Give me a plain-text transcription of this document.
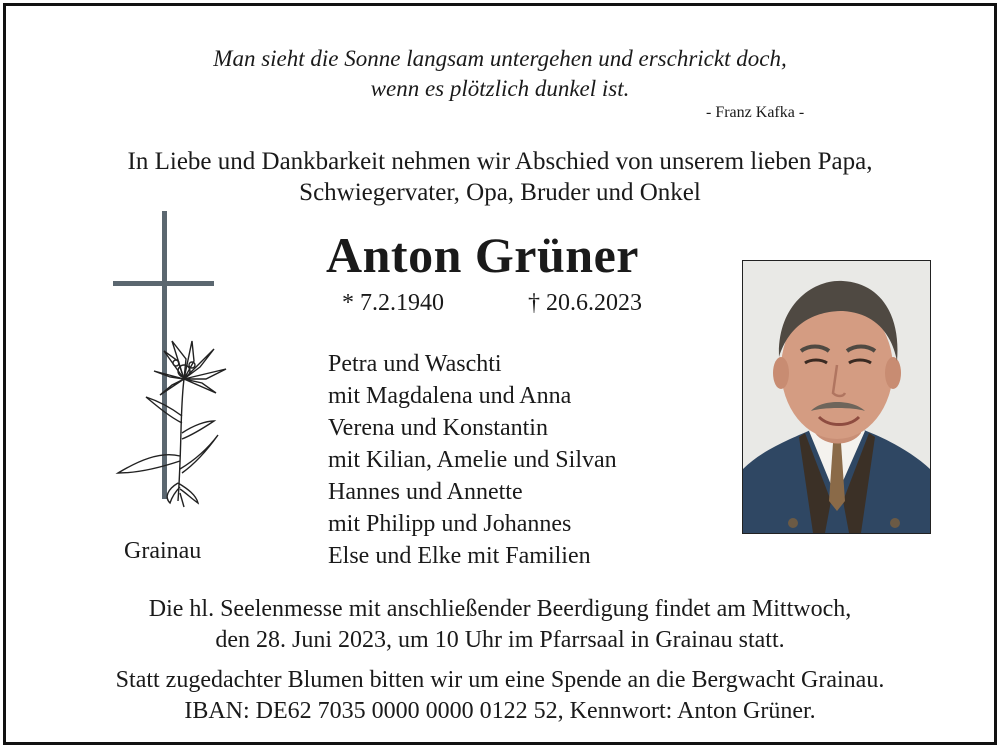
Man sieht die Sonne langsam untergehen und erschrickt doch,
wenn es plötzlich dunkel ist.
- Franz Kafka -
In Liebe und Dankbarkeit nehmen wir Abschied von unserem lieben Papa,
Schwiegervater, Opa, Bruder und Onkel
Anton Grüner
* 7.2.1940	† 20.6.2023
Petra und Waschti
mit Magdalena und Anna
Verena und Konstantin
mit Kilian, Amelie und Silvan
Hannes und Annette
mit Philipp und Johannes
Else und Elke mit Familien
Grainau
Die hl. Seelenmesse mit anschließender Beerdigung findet am Mittwoch,
den 28. Juni 2023, um 10 Uhr im Pfarrsaal in Grainau statt.
Statt zugedachter Blumen bitten wir um eine Spende an die Bergwacht Grainau.
IBAN: DE62 7035 0000 0000 0122 52, Kennwort: Anton Grüner.
